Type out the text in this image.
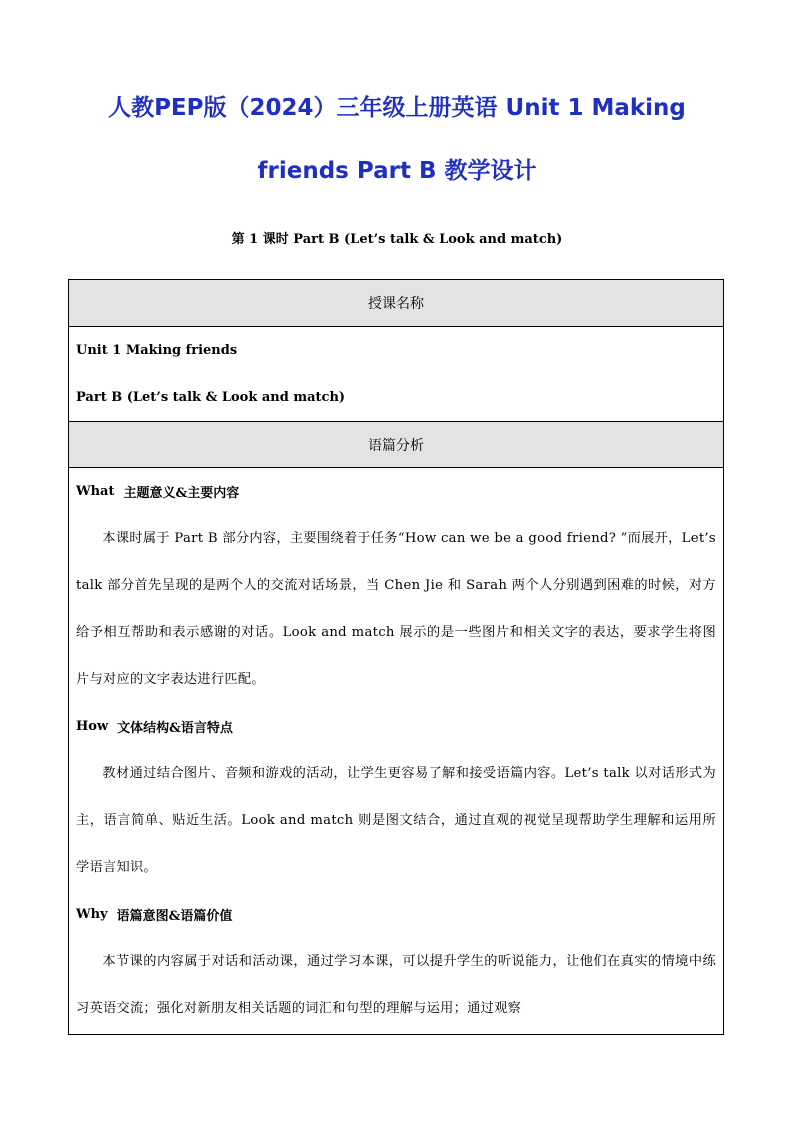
人教PEP版（2024）三年级上册英语 Unit 1 Making
friends Part B 教学设计
第 1 课时 Part B (Let’s talk & Look and match)
授课名称
Unit 1 Making friends
Part B (Let’s talk & Look and match)
语篇分析
What 主题意义&主要内容

本课时属于 Part B 部分内容，主要围绕着于任务“How can we be a good friend? ”而展开，Let’s talk 部分首先呈现的是两个人的交流对话场景，当 Chen Jie 和 Sarah 两个人分别遇到困难的时候，对方给予相互帮助和表示感谢的对话。Look and match 展示的是一些图片和相关文字的表达，要求学生将图片与对应的文字表达进行匹配。

How 文体结构&语言特点

教材通过结合图片、音频和游戏的活动，让学生更容易了解和接受语篇内容。Let’s talk 以对话形式为主，语言简单、贴近生活。Look and match 则是图文结合，通过直观的视觉呈现帮助学生理解和运用所学语言知识。

Why 语篇意图&语篇价值

本节课的内容属于对话和活动课，通过学习本课，可以提升学生的听说能力，让他们在真实的情境中练习英语交流；强化对新朋友相关话题的词汇和句型的理解与运用；通过观察
